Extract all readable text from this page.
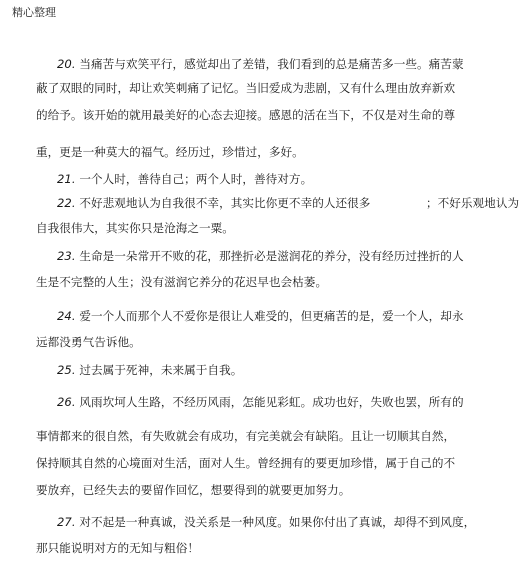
精心整理
20. 当痛苦与欢笑平行，感觉却出了差错，我们看到的总是痛苦多一些。痛苦蒙
蔽了双眼的同时，却让欢笑刺痛了记忆。当旧爱成为悲剧，又有什么理由放弃新欢
的给予。该开始的就用最美好的心态去迎接。感恩的活在当下，不仅是对生命的尊
重，更是一种莫大的福气。经历过，珍惜过，多好。
21. 一个人时，善待自己；两个人时，善待对方。
22. 不好悲观地认为自我很不幸，其实比你更不幸的人还很多	；不好乐观地认为
自我很伟大，其实你只是沧海之一粟。
23. 生命是一朵常开不败的花，那挫折必是滋润花的养分，没有经历过挫折的人
生是不完整的人生；没有滋润它养分的花迟早也会枯萎。
24. 爱一个人而那个人不爱你是很让人难受的，但更痛苦的是，爱一个人，却永
远都没勇气告诉他。
25. 过去属于死神，未来属于自我。
26. 风雨坎坷人生路，不经历风雨，怎能见彩虹。成功也好，失败也罢，所有的
事情都来的很自然，有失败就会有成功，有完美就会有缺陷。且让一切顺其自然，
保持顺其自然的心境面对生活，面对人生。曾经拥有的要更加珍惜，属于自己的不
要放弃，已经失去的要留作回忆，想要得到的就要更加努力。
27. 对不起是一种真诚，没关系是一种风度。如果你付出了真诚，却得不到风度，
那只能说明对方的无知与粗俗！
